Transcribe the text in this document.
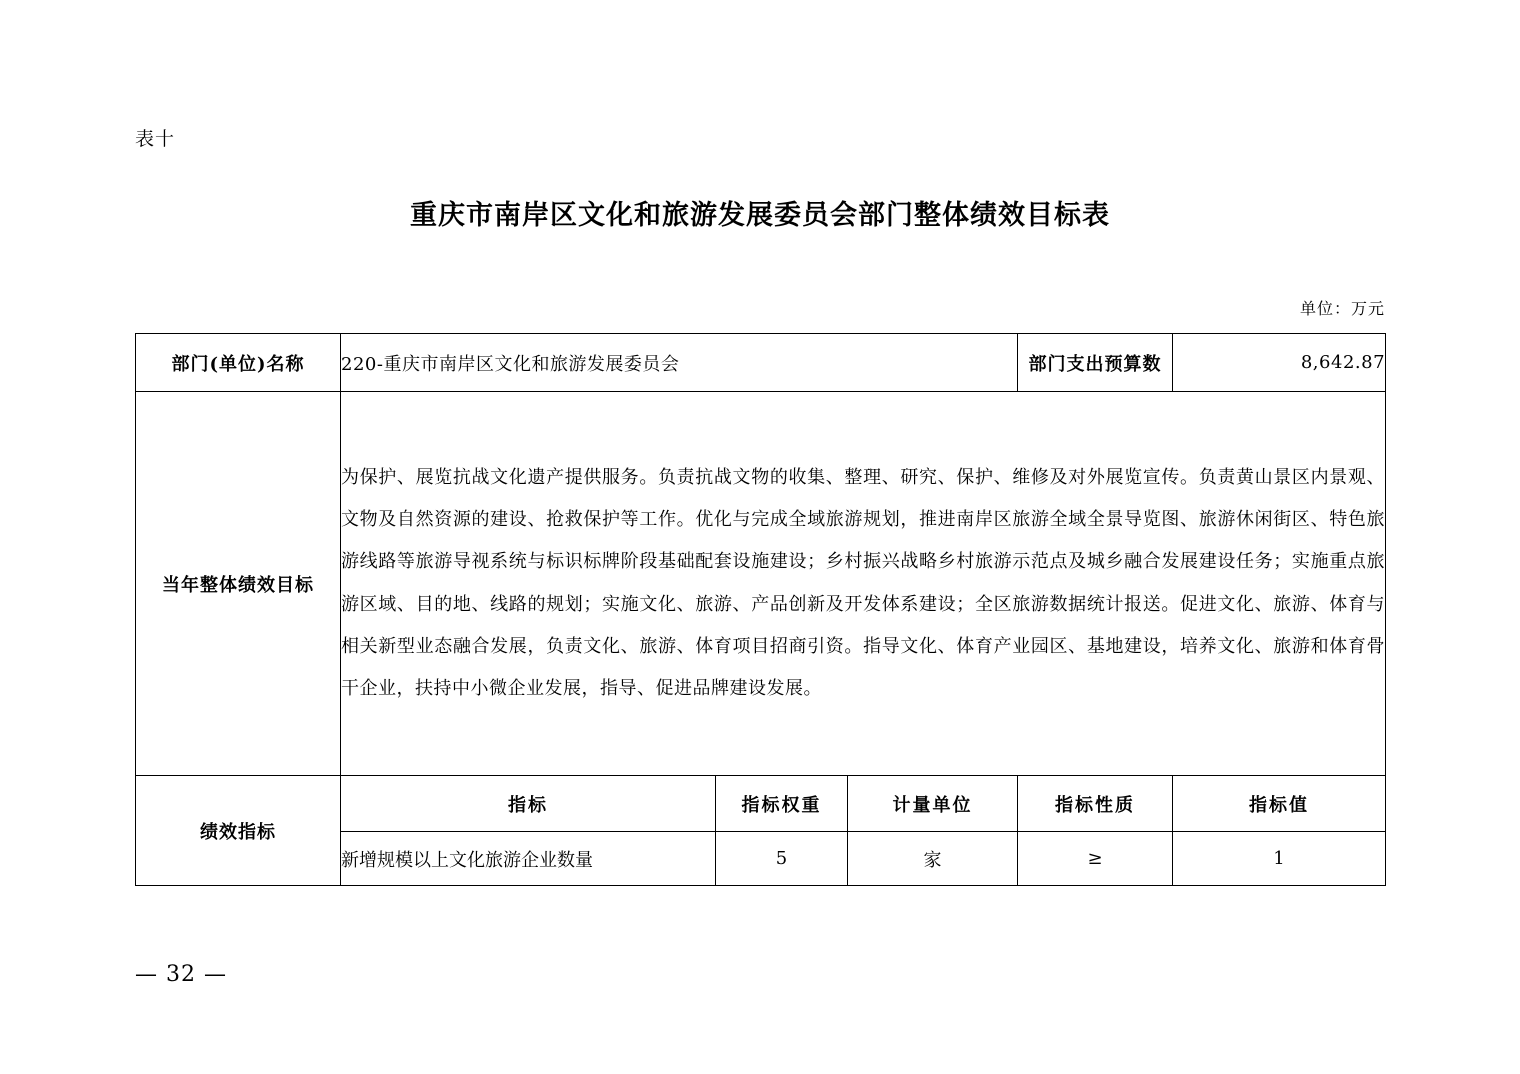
表十
重庆市南岸区文化和旅游发展委员会部门整体绩效目标表
单位：万元
部门(单位)名称	220-重庆市南岸区文化和旅游发展委员会			部门支出预算数	8,642.87
当年整体绩效目标	为保护、展览抗战文化遗产提供服务。负责抗战文物的收集、整理、研究、保护、维修及对外展览宣传。负责黄山景区内景观、文物及自然资源的建设、抢救保护等工作。优化与完成全域旅游规划，推进南岸区旅游全域全景导览图、旅游休闲街区、特色旅游线路等旅游导视系统与标识标牌阶段基础配套设施建设；乡村振兴战略乡村旅游示范点及城乡融合发展建设任务；实施重点旅游区域、目的地、线路的规划；实施文化、旅游、产品创新及开发体系建设；全区旅游数据统计报送。促进文化、旅游、体育与相关新型业态融合发展，负责文化、旅游、体育项目招商引资。指导文化、体育产业园区、基地建设，培养文化、旅游和体育骨干企业，扶持中小微企业发展，指导、促进品牌建设发展。				
绩效指标	指标	指标权重	计量单位	指标性质	指标值
	新增规模以上文化旅游企业数量	5	家	≥	1
— 32 —
